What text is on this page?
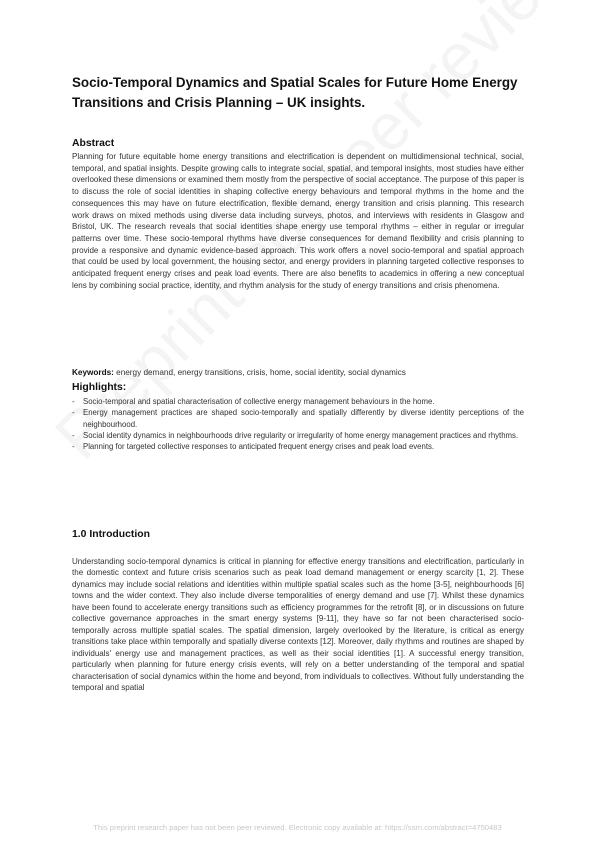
Socio-Temporal Dynamics and Spatial Scales for Future Home Energy Transitions and Crisis Planning – UK insights.
Abstract

Planning for future equitable home energy transitions and electrification is dependent on multidimensional technical, social, temporal, and spatial insights. Despite growing calls to integrate social, spatial, and temporal insights, most studies have either overlooked these dimensions or examined them mostly from the perspective of social acceptance. The purpose of this paper is to discuss the role of social identities in shaping collective energy behaviours and temporal rhythms in the home and the consequences this may have on future electrification, flexible demand, energy transition and crisis planning. This research work draws on mixed methods using diverse data including surveys, photos, and interviews with residents in Glasgow and Bristol, UK. The research reveals that social identities shape energy use temporal rhythms – either in regular or irregular patterns over time. These socio-temporal rhythms have diverse consequences for demand flexibility and crisis planning to provide a responsive and dynamic evidence-based approach. This work offers a novel socio-temporal and spatial approach that could be used by local government, the housing sector, and energy providers in planning targeted collective responses to anticipated frequent energy crises and peak load events. There are also benefits to academics in offering a new conceptual lens by combining social practice, identity, and rhythm analysis for the study of energy transitions and crisis phenomena.

Keywords: energy demand, energy transitions, crisis, home, social identity, social dynamics

Highlights:
- Socio-temporal and spatial characterisation of collective energy management behaviours in the home.
- Energy management practices are shaped socio-temporally and spatially differently by diverse identity perceptions of the neighbourhood.
- Social identity dynamics in neighbourhoods drive regularity or irregularity of home energy management practices and rhythms.
- Planning for targeted collective responses to anticipated frequent energy crises and peak load events.
1.0 Introduction

Understanding socio-temporal dynamics is critical in planning for effective energy transitions and electrification, particularly in the domestic context and future crisis scenarios such as peak load demand management or energy scarcity [1, 2]. These dynamics may include social relations and identities within multiple spatial scales such as the home [3-5], neighbourhoods [6] towns and the wider context. They also include diverse temporalities of energy demand and use [7]. Whilst these dynamics have been found to accelerate energy transitions such as efficiency programmes for the retrofit [8], or in discussions on future collective governance approaches in the smart energy systems [9-11], they have so far not been characterised socio-temporally across multiple spatial scales. The spatial dimension, largely overlooked by the literature, is critical as energy transitions take place within temporally and spatially diverse contexts [12]. Moreover, daily rhythms and routines are shaped by individuals' energy use and management practices, as well as their social identities [1]. A successful energy transition, particularly when planning for future energy crisis events, will rely on a better understanding of the temporal and spatial characterisation of social dynamics within the home and beyond, from individuals to collectives. Without fully understanding the temporal and spatial

This preprint research paper has not been peer reviewed. Electronic copy available at: https://ssrn.com/abstract=4750483
